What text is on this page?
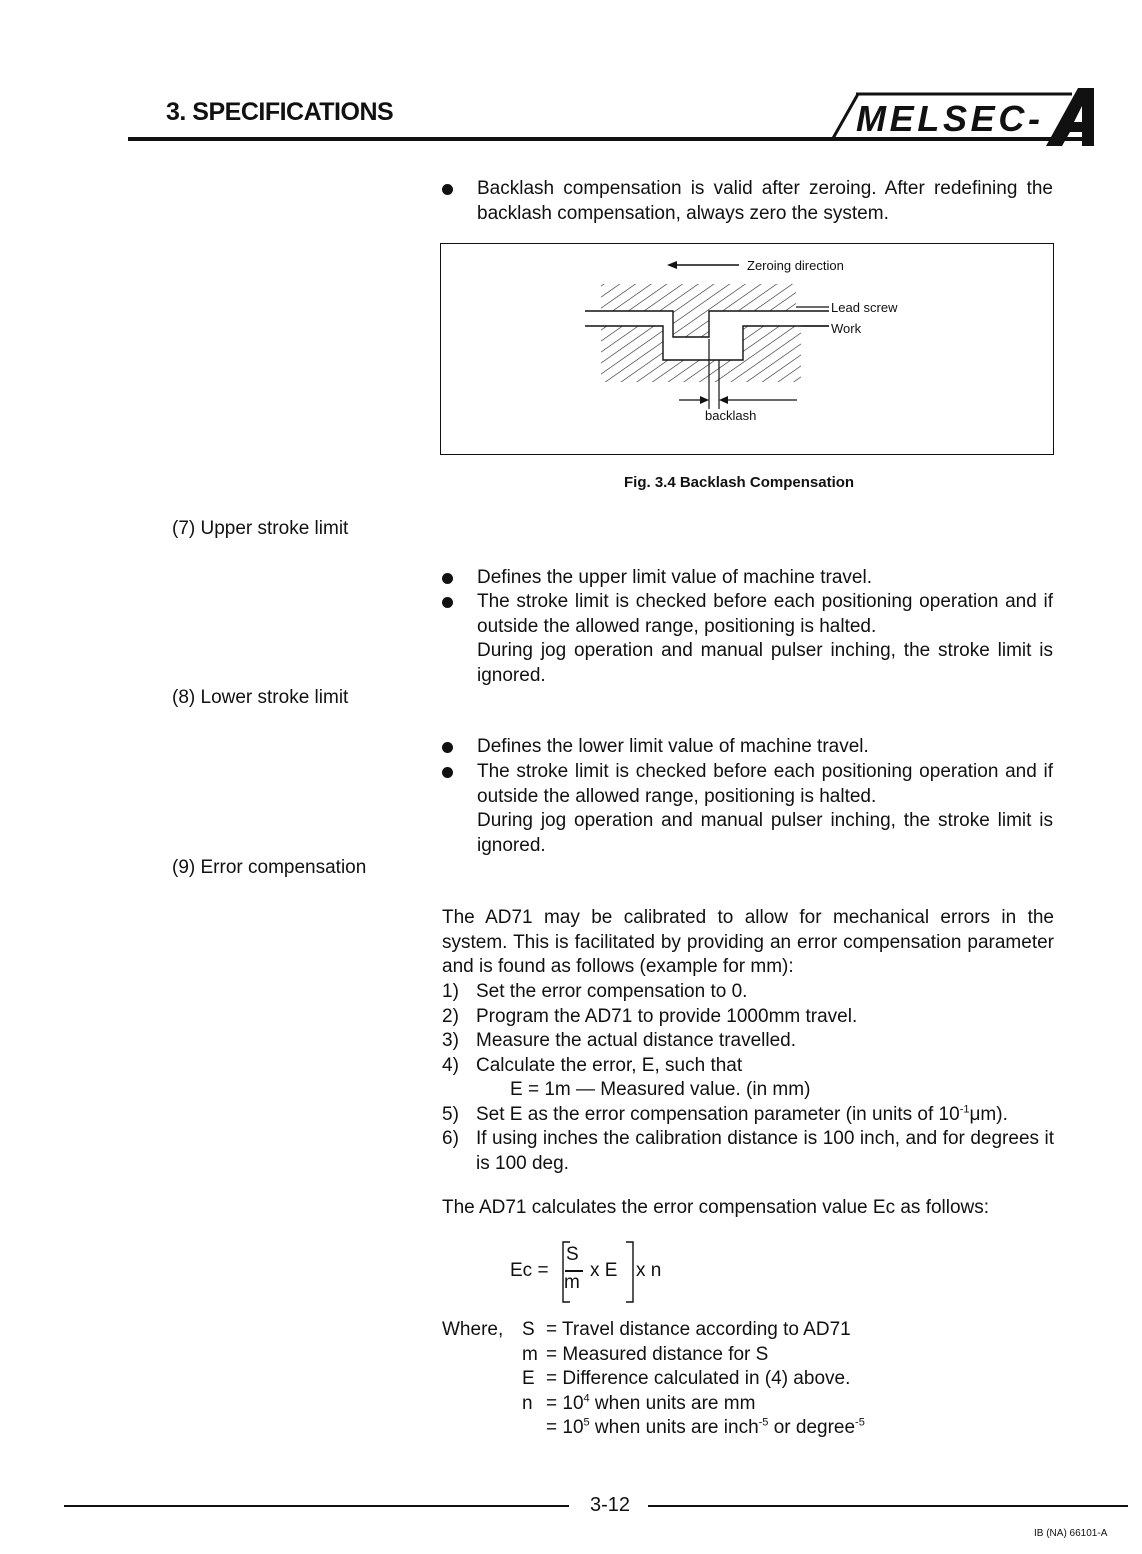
3. SPECIFICATIONS	MELSEC-
Backlash compensation is valid after zeroing. After redefining the backlash compensation, always zero the system.
Zeroing direction
Lead screw
Work
backlash
Fig. 3.4 Backlash Compensation
(7) Upper stroke limit
Defines the upper limit value of machine travel.
The stroke limit is checked before each positioning operation and if outside the allowed range, positioning is halted.
During jog operation and manual pulser inching, the stroke limit is ignored.
(8) Lower stroke limit
Defines the lower limit value of machine travel.
The stroke limit is checked before each positioning operation and if outside the allowed range, positioning is halted.
During jog operation and manual pulser inching, the stroke limit is ignored.
(9) Error compensation
The AD71 may be calibrated to allow for mechanical errors in the system. This is facilitated by providing an error compensation parameter and is found as follows (example for mm):
1) Set the error compensation to 0.
2) Program the AD71 to provide 1000mm travel.
3) Measure the actual distance travelled.
4) Calculate the error, E, such that
E = 1m — Measured value. (in mm)
5) Set E as the error compensation parameter (in units of $10^{-1}\mu m$).
6) If using inches the calibration distance is 100 inch, and for degrees it is 100 deg.
The AD71 calculates the error compensation value Ec as follows:
Ec =
S
m
x E x n
Where, S = Travel distance according to AD71
m = Measured distance for S
E = Difference calculated in (4) above.
$n = 10^4$ when units are mm
= $10^5$ when units are inch$^{-5}$ or degree$^{-5}$
3-12
IB (NA) 66101-A
